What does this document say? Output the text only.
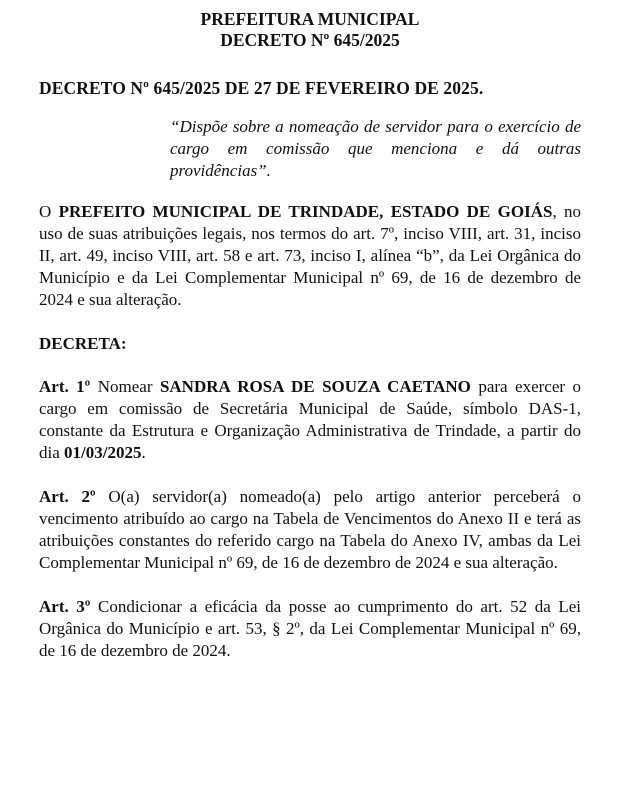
PREFEITURA MUNICIPAL
DECRETO Nº 645/2025
DECRETO Nº 645/2025 DE 27 DE FEVEREIRO DE 2025.
“Dispõe sobre a nomeação de servidor para o exercício de cargo em comissão que menciona e dá outras providências”.
O PREFEITO MUNICIPAL DE TRINDADE, ESTADO DE GOIÁS, no uso de suas atribuições legais, nos termos do art. 7º, inciso VIII, art. 31, inciso II, art. 49, inciso VIII, art. 58 e art. 73, inciso I, alínea “b”, da Lei Orgânica do Município e da Lei Complementar Municipal nº 69, de 16 de dezembro de 2024 e sua alteração.
DECRETA:
Art. 1º Nomear SANDRA ROSA DE SOUZA CAETANO para exercer o cargo em comissão de Secretária Municipal de Saúde, símbolo DAS-1, constante da Estrutura e Organização Administrativa de Trindade, a partir do dia 01/03/2025.
Art. 2º O(a) servidor(a) nomeado(a) pelo artigo anterior perceberá o vencimento atribuído ao cargo na Tabela de Vencimentos do Anexo II e terá as atribuições constantes do referido cargo na Tabela do Anexo IV, ambas da Lei Complementar Municipal nº 69, de 16 de dezembro de 2024 e sua alteração.
Art. 3º Condicionar a eficácia da posse ao cumprimento do art. 52 da Lei Orgânica do Município e art. 53, § 2º, da Lei Complementar Municipal nº 69, de 16 de dezembro de 2024.
